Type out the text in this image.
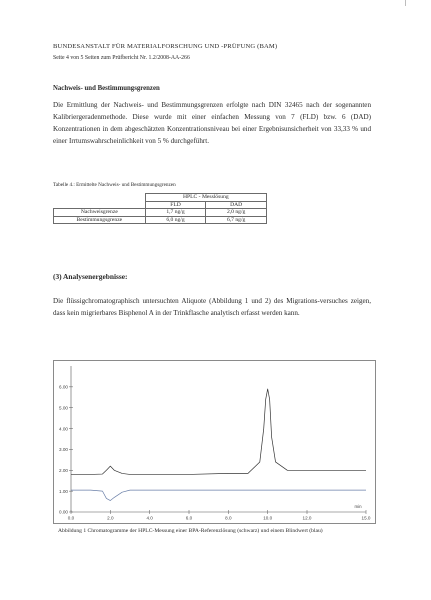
BUNDESANSTALT FÜR MATERIALFORSCHUNG UND -PRÜFUNG (BAM)
Seite 4 von 5 Seiten zum Prüfbericht Nr. 1.2/2008-AA-266
Nachweis- und Bestimmungsgrenzen
Die Ermittlung der Nachweis- und Bestimmungsgrenzen erfolgte nach DIN 32465 nach der sogenannten Kalibriergeradenmethode. Diese wurde mit einer einfachen Messung von 7 (FLD) bzw. 6 (DAD) Konzentrationen in dem abgeschätzten Konzentrationsniveau bei einer Ergebnisunsicherheit von 33,33 % und einer Irrtumswahrscheinlichkeit von 5 % durchgeführt.
Tabelle 4.: Ermittelte Nachweis- und Bestimmungsgrenzen
	HPLC - Messlösung	
	FLD	DAD
Nachweisgrenze	1,7 ng/g	2,0 ng/g
Bestimmungsgrenze	6,0 ng/g	6,7 ng/g
(3) Analysenergebnisse:
Die flüssigchromatographisch untersuchten Aliquote (Abbildung 1 und 2) des Migrations-versuches zeigen, dass kein migrierbares Bisphenol A in der Trinkflasche analytisch erfasst werden kann.
0.00
1.00
2.00
3.00
4.00
5.00
6.00
0.0	2.0	4.0	6.0	8.0	10.0	12.0	15.0
min
Abbildung 1 Chromatogramme der HPLC-Messung einer BPA-Referenzlösung (schwarz) und einem Blindwert (blau)
